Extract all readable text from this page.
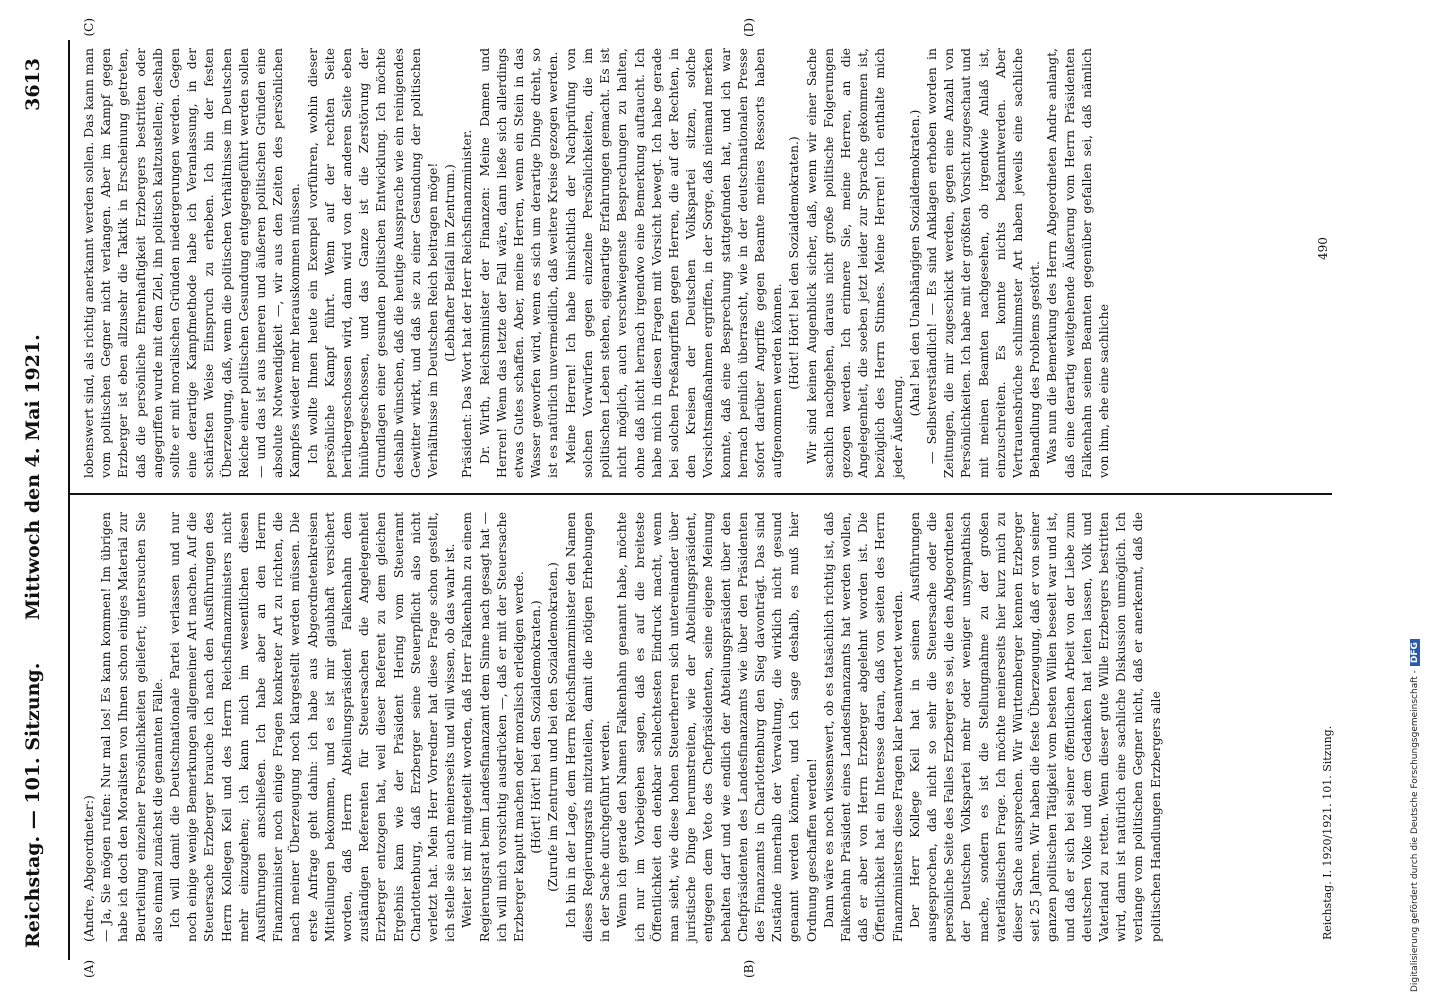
Reichstag. — 101. Sitzung.
Mittwoch den 4. Mai 1921.
3613
(A)	(B)
(C)	(D)

(Andre, Abgeordneter:) — Ja, Sie mögen rufen: Nur mal los! Es kann kommen! Im übrigen habe ich doch den Moralisten von Ihnen schon einiges Material zur Beurteilung einzelner Persönlichkeiten geliefert; untersuchen Sie also einmal zunächst die genannten Fälle. Ich will damit die Deutschnationale Partei verlassen und nur noch einige wenige Bemerkungen allgemeiner Art machen. Auf die Steuersache Erzberger brauche ich nach den Ausführungen des Herrn Kollegen Keil und des Herrn Reichsfinanzministers nicht mehr einzugehen; ich kann mich im wesentlichen diesen Ausführungen anschließen. Ich habe aber an den Herrn Finanzminister noch einige Fragen konkreter Art zu richten, die nach meiner Überzeugung noch klargestellt werden müssen. Die erste Anfrage geht dahin: ich habe aus Abgeordnetenkreisen Mitteilungen bekommen, und es ist mir glaubhaft versichert worden, daß Herrn Abteilungspräsident Falkenhahn dem zuständigen Referenten für Steuersachen die Angelegenheit Erzberger entzogen hat, weil dieser Referent zu dem gleichen Ergebnis kam wie der Präsident Hering vom Steueramt Charlottenburg, daß Erzberger seine Steuerpflicht also nicht verletzt hat. Mein Herr Vorredner hat diese Frage schon gestellt, ich stelle sie auch meinerseits und will wissen, ob das wahr ist. Weiter ist mir mitgeteilt worden, daß Herr Falkenhahn zu einem Regierungsrat beim Landesfinanzamt dem Sinne nach gesagt hat — ich will mich vorsichtig ausdrücken —, daß er mit der Steuersache Erzberger kaputt machen oder moralisch erledigen werde. (Hört! Hört! bei den Sozialdemokraten.) (Zurufe im Zentrum und bei den Sozialdemokraten.) Ich bin in der Lage, dem Herrn Reichsfinanzminister den Namen dieses Regierungsrats mitzuteilen, damit die nötigen Erhebungen in der Sache durchgeführt werden. Wenn ich gerade den Namen Falkenhahn genannt habe, möchte ich nur im Vorbeigehen sagen, daß es auf die breiteste Öffentlichkeit den denkbar schlechtesten Eindruck macht, wenn man sieht, wie diese hohen Steuerherren sich untereinander über juristische Dinge herumstreiten, wie der Abteilungspräsident, entgegen dem Veto des Chefpräsidenten, seine eigene Meinung behalten darf und wie endlich der Abteilungspräsident über den Chefpräsidenten des Landesfinanzamts wie über den Präsidenten des Finanzamts in Charlottenburg den Sieg davonträgt. Das sind Zustände innerhalb der Verwaltung, die wirklich nicht gesund genannt werden können, und ich sage deshalb, es muß hier Ordnung geschaffen werden! Dann wäre es noch wissenswert, ob es tatsächlich richtig ist, daß Falkenhahn Präsident eines Landesfinanzamts hat werden wollen, daß er aber von Herrn Erzberger abgelehnt worden ist. Die Öffentlichkeit hat ein Interesse daran, daß von seiten des Herrn Finanzministers diese Fragen klar beantwortet werden. Der Herr Kollege Keil hat in seinen Ausführungen ausgesprochen, daß nicht so sehr die Steuersache oder die persönliche Seite des Falles Erzberger es sei, die den Abgeordneten der Deutschen Volkspartei mehr oder weniger unsympathisch mache, sondern es ist die Stellungnahme zu der großen vaterländischen Frage. Ich möchte meinerseits hier kurz mich zu dieser Sache aussprechen. Wir Württemberger kennen Erzberger seit 25 Jahren. Wir haben die feste Überzeugung, daß er von seiner ganzen politischen Tätigkeit vom besten Willen beseelt war und ist, und daß er sich bei seiner öffentlichen Arbeit von der Liebe zum deutschen Volke und dem Gedanken hat leiten lassen, Volk und Vaterland zu retten. Wenn dieser gute Wille Erzbergers bestritten wird, dann ist natürlich eine sachliche Diskussion unmöglich. Ich verlange vom politischen Gegner nicht, daß er anerkennt, daß die politischen Handlungen Erzbergers alle

lobenswert sind, als richtig anerkannt werden sollen. Das kann man vom politischen Gegner nicht verlangen. Aber im Kampf gegen Erzberger ist eben allzusehr die Taktik in Erscheinung getreten, daß die persönliche Ehrenhaftigkeit Erzbergers bestritten oder angegriffen wurde mit dem Ziel, ihn politisch kaltzustellen; deshalb sollte er mit moralischen Gründen niedergerungen werden. Gegen eine derartige Kampfmethode habe ich Veranlassung, in der schärfsten Weise Einspruch zu erheben. Ich bin der festen Überzeugung, daß, wenn die politischen Verhältnisse im Deutschen Reiche einer politischen Gesundung entgegengeführt werden sollen — und das ist aus inneren und äußeren politischen Gründen eine absolute Notwendigkeit —, wir aus den Zeiten des persönlichen Kampfes wieder mehr herauskommen müssen. Ich wollte Ihnen heute ein Exempel vorführen, wohin dieser persönliche Kampf führt. Wenn auf der rechten Seite herübergeschossen wird, dann wird von der anderen Seite eben hinübergeschossen, und das Ganze ist die Zerstörung der Grundlagen einer gesunden politischen Entwicklung. Ich möchte deshalb wünschen, daß die heutige Aussprache wie ein reinigendes Gewitter wirkt, und daß sie zu einer Gesundung der politischen Verhältnisse im Deutschen Reich beitragen möge! (Lebhafter Beifall im Zentrum.) Präsident: Das Wort hat der Herr Reichsfinanzminister. Dr. Wirth, Reichsminister der Finanzen: Meine Damen und Herren! Wenn das letzte der Fall wäre, dann ließe sich allerdings etwas Gutes schaffen. Aber, meine Herren, wenn ein Stein in das Wasser geworfen wird, wenn es sich um derartige Dinge dreht, so ist es natürlich unvermeidlich, daß weitere Kreise gezogen werden. Meine Herren! Ich habe hinsichtlich der Nachprüfung von solchen Vorwürfen gegen einzelne Persönlichkeiten, die im politischen Leben stehen, eigenartige Erfahrungen gemacht. Es ist nicht möglich, auch verschwiegenste Besprechungen zu halten, ohne daß nicht hernach irgendwo eine Bemerkung auftaucht. Ich habe mich in diesen Fragen mit Vorsicht bewegt. Ich habe gerade bei solchen Preßangriffen gegen Herren, die auf der Rechten, in den Kreisen der Deutschen Volkspartei sitzen, solche Vorsichtsmaßnahmen ergriffen, in der Sorge, daß niemand merken konnte, daß eine Besprechung stattgefunden hat, und ich war hernach peinlich überrascht, wie in der deutschnationalen Presse sofort darüber Angriffe gegen Beamte meines Ressorts haben aufgenommen werden können. (Hört! Hört! bei den Sozialdemokraten.) Wir sind keinen Augenblick sicher, daß, wenn wir einer Sache sachlich nachgehen, daraus nicht große politische Folgerungen gezogen werden. Ich erinnere Sie, meine Herren, an die Angelegenheit, die soeben jetzt leider zur Sprache gekommen ist, bezüglich des Herrn Stinnes. Meine Herren! Ich enthalte mich jeder Äußerung.

(Aha! bei den Unabhängigen Sozialdemokraten.) — Selbstverständlich! — Es sind Anklagen erhoben worden in Zeitungen, die mir zugeschickt werden, gegen eine Anzahl von Persönlichkeiten. Ich habe mit der größten Vorsicht zugeschaut und mit meinen Beamten nachgesehen, ob irgendwie Anlaß ist, einzuschreiten. Es konnte nichts bekanntwerden. Aber Vertrauensbrüche schlimmster Art haben jeweils eine sachliche Behandlung des Problems gestört. Was nun die Bemerkung des Herrn Abgeordneten Andre anlangt, daß eine derartig weitgehende Äußerung vom Herrn Präsidenten Falkenhahn seinen Beamten gegenüber gefallen sei, daß nämlich von ihm, ehe eine sachliche

Reichstag. I. 1920/1921. 101. Sitzung.
490
Digitalisierung gefördert durch die Deutsche Forschungsgemeinschaft -DFG
